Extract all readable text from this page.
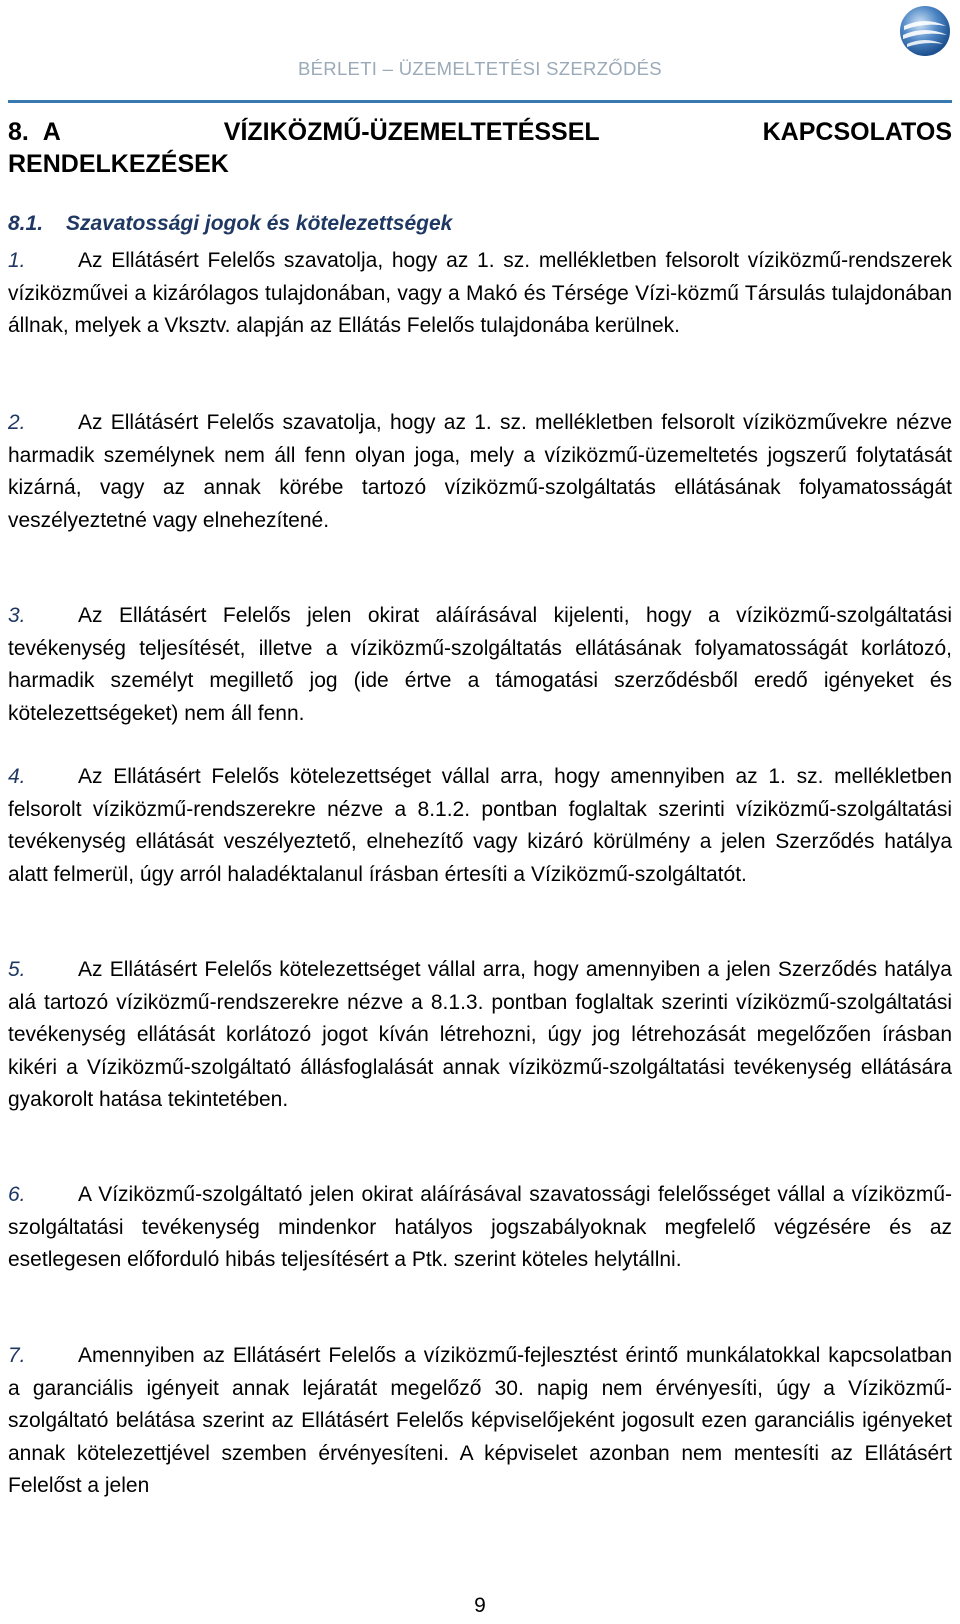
BÉRLETI – ÜZEMELTETÉSI SZERZŐDÉS
8. A	VÍZIKÖZMŰ-ÜZEMELTETÉSSEL	KAPCSOLATOS
RENDELKEZÉSEK
8.1. Szavatossági jogok és kötelezettségek

1. Az Ellátásért Felelős szavatolja, hogy az 1. sz. mellékletben felsorolt víziközmű-rendszerek víziközművei a kizárólagos tulajdonában, vagy a Makó és Térsége Vízi-közmű Társulás tulajdonában állnak, melyek a Vksztv. alapján az Ellátás Felelős tulajdonába kerülnek.

2. Az Ellátásért Felelős szavatolja, hogy az 1. sz. mellékletben felsorolt víziközművekre nézve harmadik személynek nem áll fenn olyan joga, mely a víziközmű-üzemeltetés jogszerű folytatását kizárná, vagy az annak körébe tartozó víziközmű-szolgáltatás ellátásának folyamatosságát veszélyeztetné vagy elnehezítené.

3. Az Ellátásért Felelős jelen okirat aláírásával kijelenti, hogy a víziközmű-szolgáltatási tevékenység teljesítését, illetve a víziközmű-szolgáltatás ellátásának folyamatosságát korlátozó, harmadik személyt megillető jog (ide értve a támogatási szerződésből eredő igényeket és kötelezettségeket) nem áll fenn.

4. Az Ellátásért Felelős kötelezettséget vállal arra, hogy amennyiben az 1. sz. mellékletben felsorolt víziközmű-rendszerekre nézve a 8.1.2. pontban foglaltak szerinti víziközmű-szolgáltatási tevékenység ellátását veszélyeztető, elnehezítő vagy kizáró körülmény a jelen Szerződés hatálya alatt felmerül, úgy arról haladéktalanul írásban értesíti a Víziközmű-szolgáltatót.

5. Az Ellátásért Felelős kötelezettséget vállal arra, hogy amennyiben a jelen Szerződés hatálya alá tartozó víziközmű-rendszerekre nézve a 8.1.3. pontban foglaltak szerinti víziközmű-szolgáltatási tevékenység ellátását korlátozó jogot kíván létrehozni, úgy jog létrehozását megelőzően írásban kikéri a Víziközmű-szolgáltató állásfoglalását annak víziközmű-szolgáltatási tevékenység ellátására gyakorolt hatása tekintetében.

6. A Víziközmű-szolgáltató jelen okirat aláírásával szavatossági felelősséget vállal a víziközmű-szolgáltatási tevékenység mindenkor hatályos jogszabályoknak megfelelő végzésére és az esetlegesen előforduló hibás teljesítésért a Ptk. szerint köteles helytállni.

7. Amennyiben az Ellátásért Felelős a víziközmű-fejlesztést érintő munkálatokkal kapcsolatban a garanciális igényeit annak lejáratát megelőző 30. napig nem érvényesíti, úgy a Víziközmű-szolgáltató belátása szerint az Ellátásért Felelős képviselőjeként jogosult ezen garanciális igényeket annak kötelezettjével szemben érvényesíteni. A képviselet azonban nem mentesíti az Ellátásért Felelőst a jelen

9
